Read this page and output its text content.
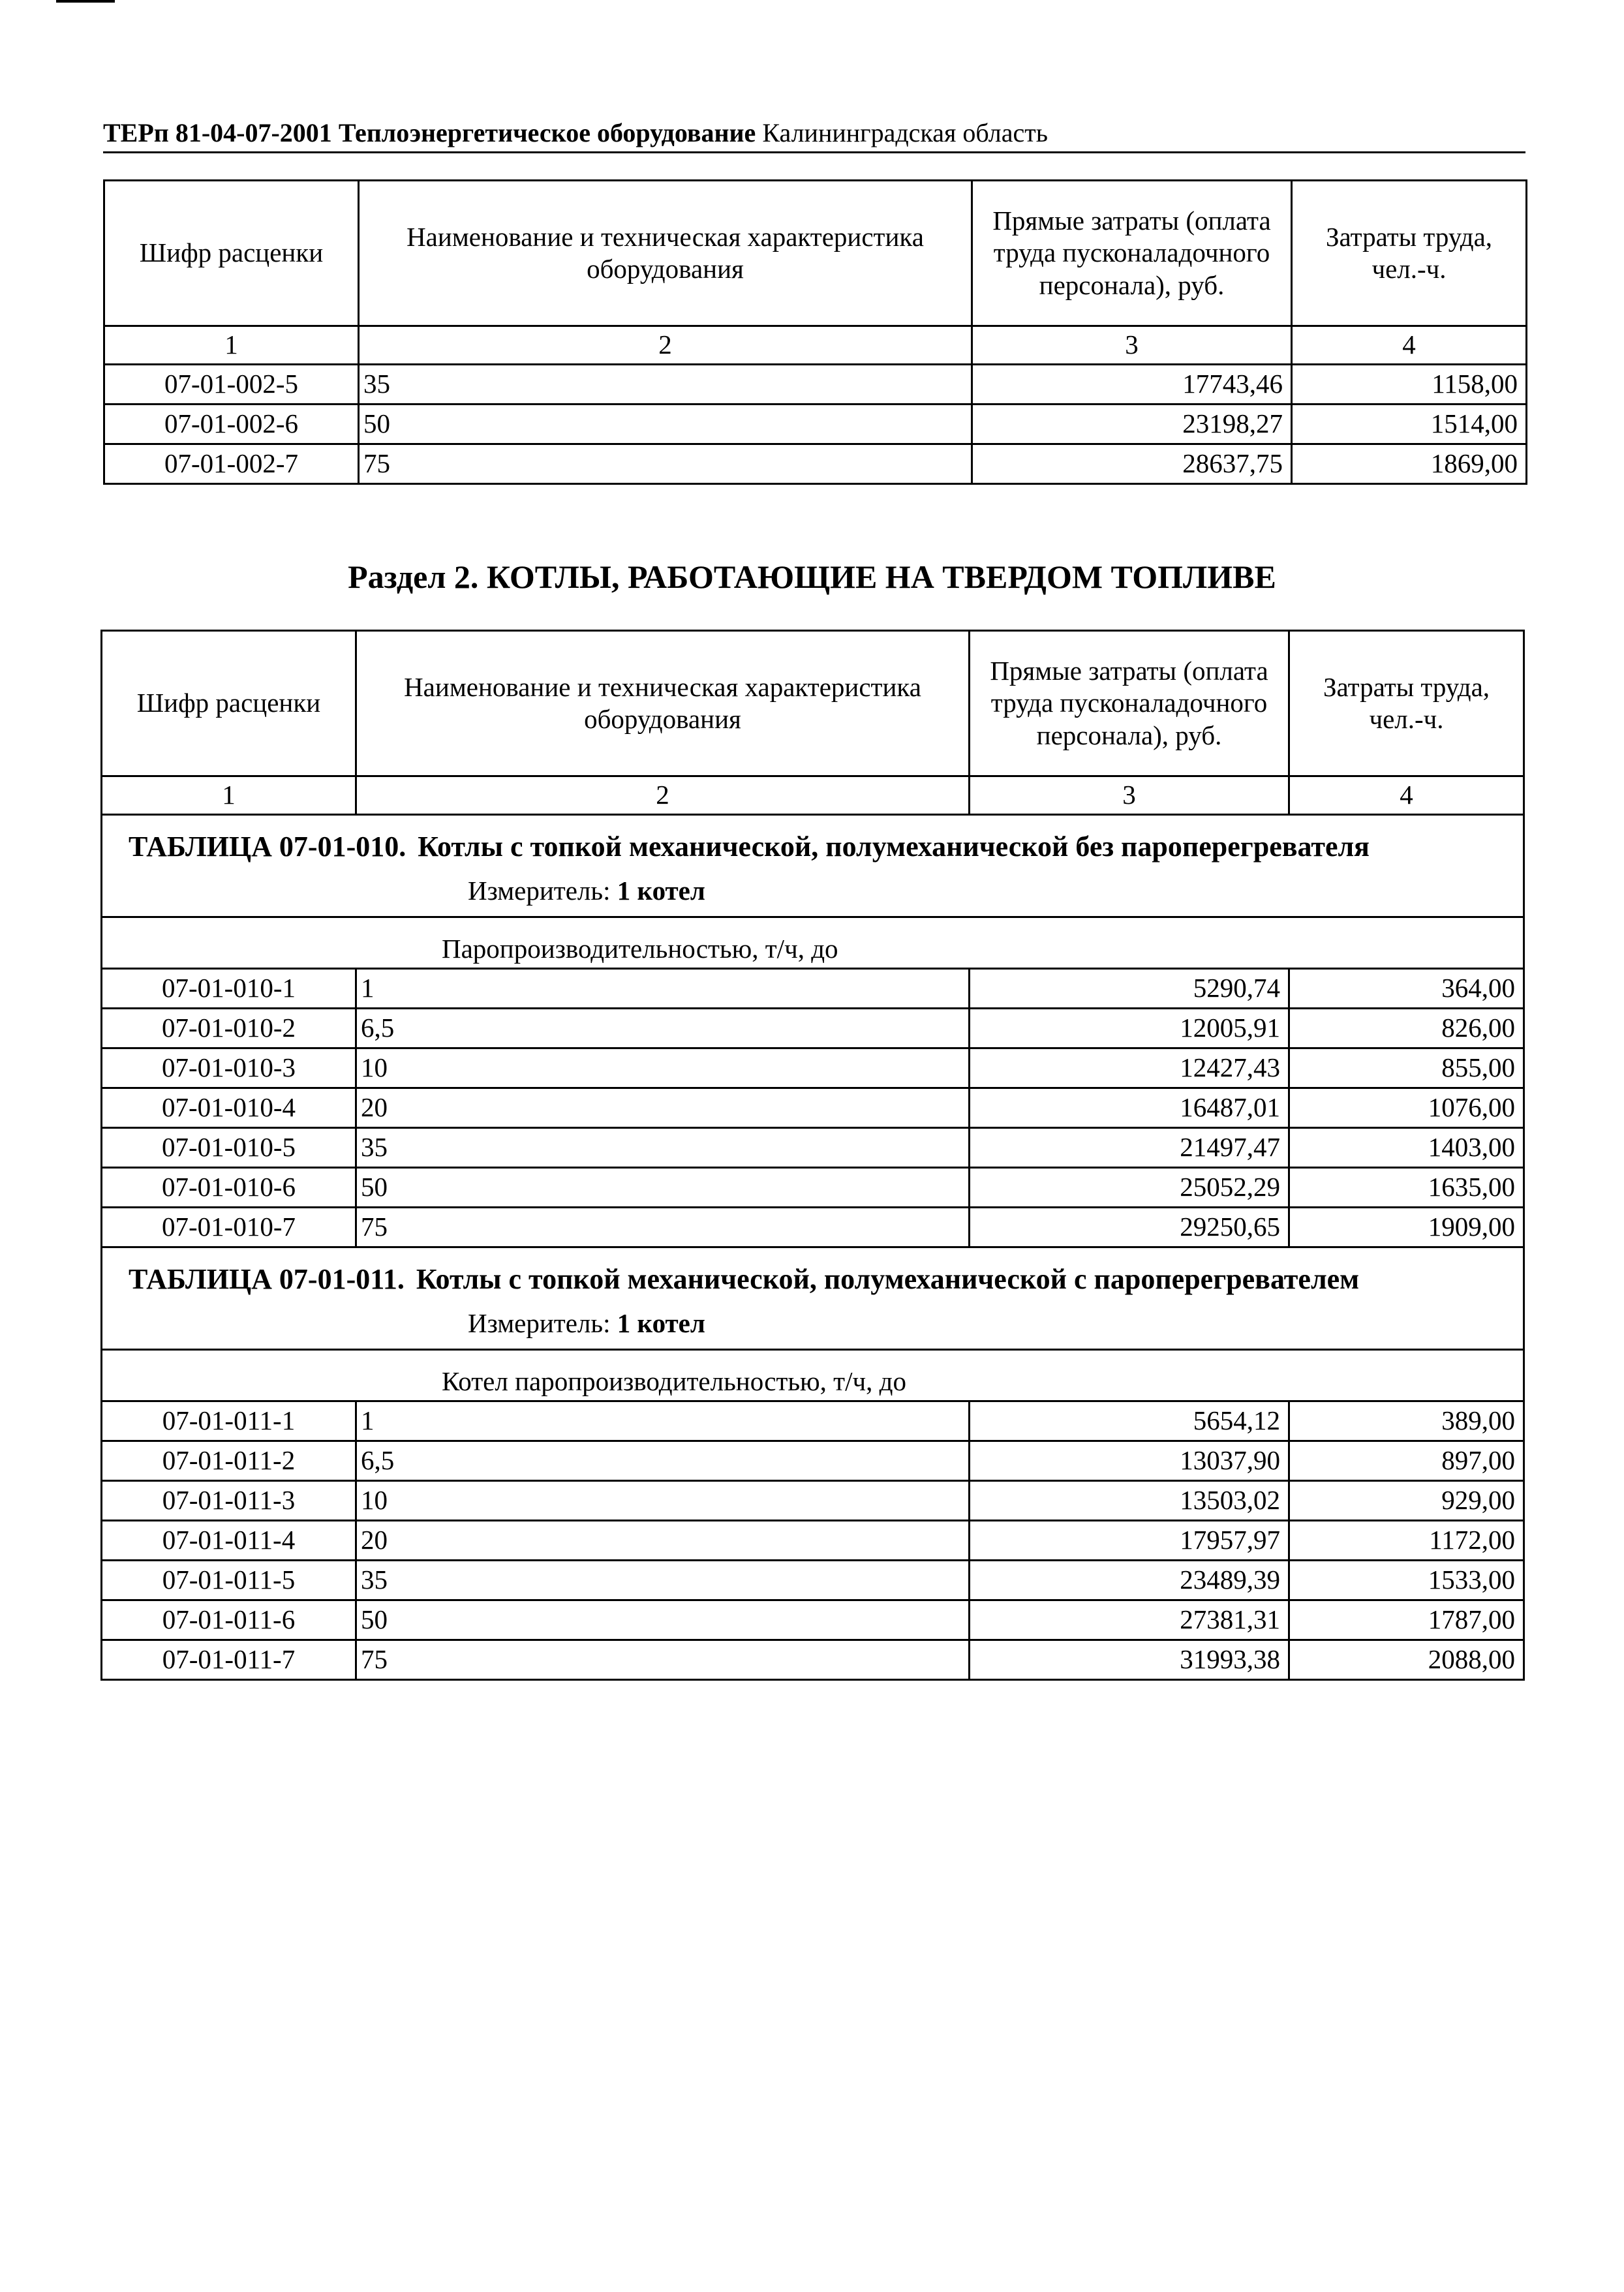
ТЕРп 81-04-07-2001 Теплоэнергетическое оборудование Калининградская область
Шифр расценки	Наименование и техническая характеристика оборудования	Прямые затраты (оплата труда пусконаладочного персонала), руб.	Затраты труда, чел.-ч.
1	2	3	4
07-01-002-5	35	17743,46	1158,00
07-01-002-6	50	23198,27	1514,00
07-01-002-7	75	28637,75	1869,00
Раздел 2. КОТЛЫ, РАБОТАЮЩИЕ НА ТВЕРДОМ ТОПЛИВЕ
Шифр расценки	Наименование и техническая характеристика оборудования	Прямые затраты (оплата труда пусконаладочного персонала), руб.	Затраты труда, чел.-ч.
1	2	3	4

ТАБЛИЦА 07-01-010. Котлы с топкой механической, полумеханической без пароперегревателя
Измеритель: 1 котел			

Паропроизводительностью, т/ч, до			
07-01-010-1	1	5290,74	364,00
07-01-010-2	6,5	12005,91	826,00
07-01-010-3	10	12427,43	855,00
07-01-010-4	20	16487,01	1076,00
07-01-010-5	35	21497,47	1403,00
07-01-010-6	50	25052,29	1635,00
07-01-010-7	75	29250,65	1909,00

ТАБЛИЦА 07-01-011. Котлы с топкой механической, полумеханической с пароперегревателем
Измеритель: 1 котел			

Котел паропроизводительностью, т/ч, до			
07-01-011-1	1	5654,12	389,00
07-01-011-2	6,5	13037,90	897,00
07-01-011-3	10	13503,02	929,00
07-01-011-4	20	17957,97	1172,00
07-01-011-5	35	23489,39	1533,00
07-01-011-6	50	27381,31	1787,00
07-01-011-7	75	31993,38	2088,00
